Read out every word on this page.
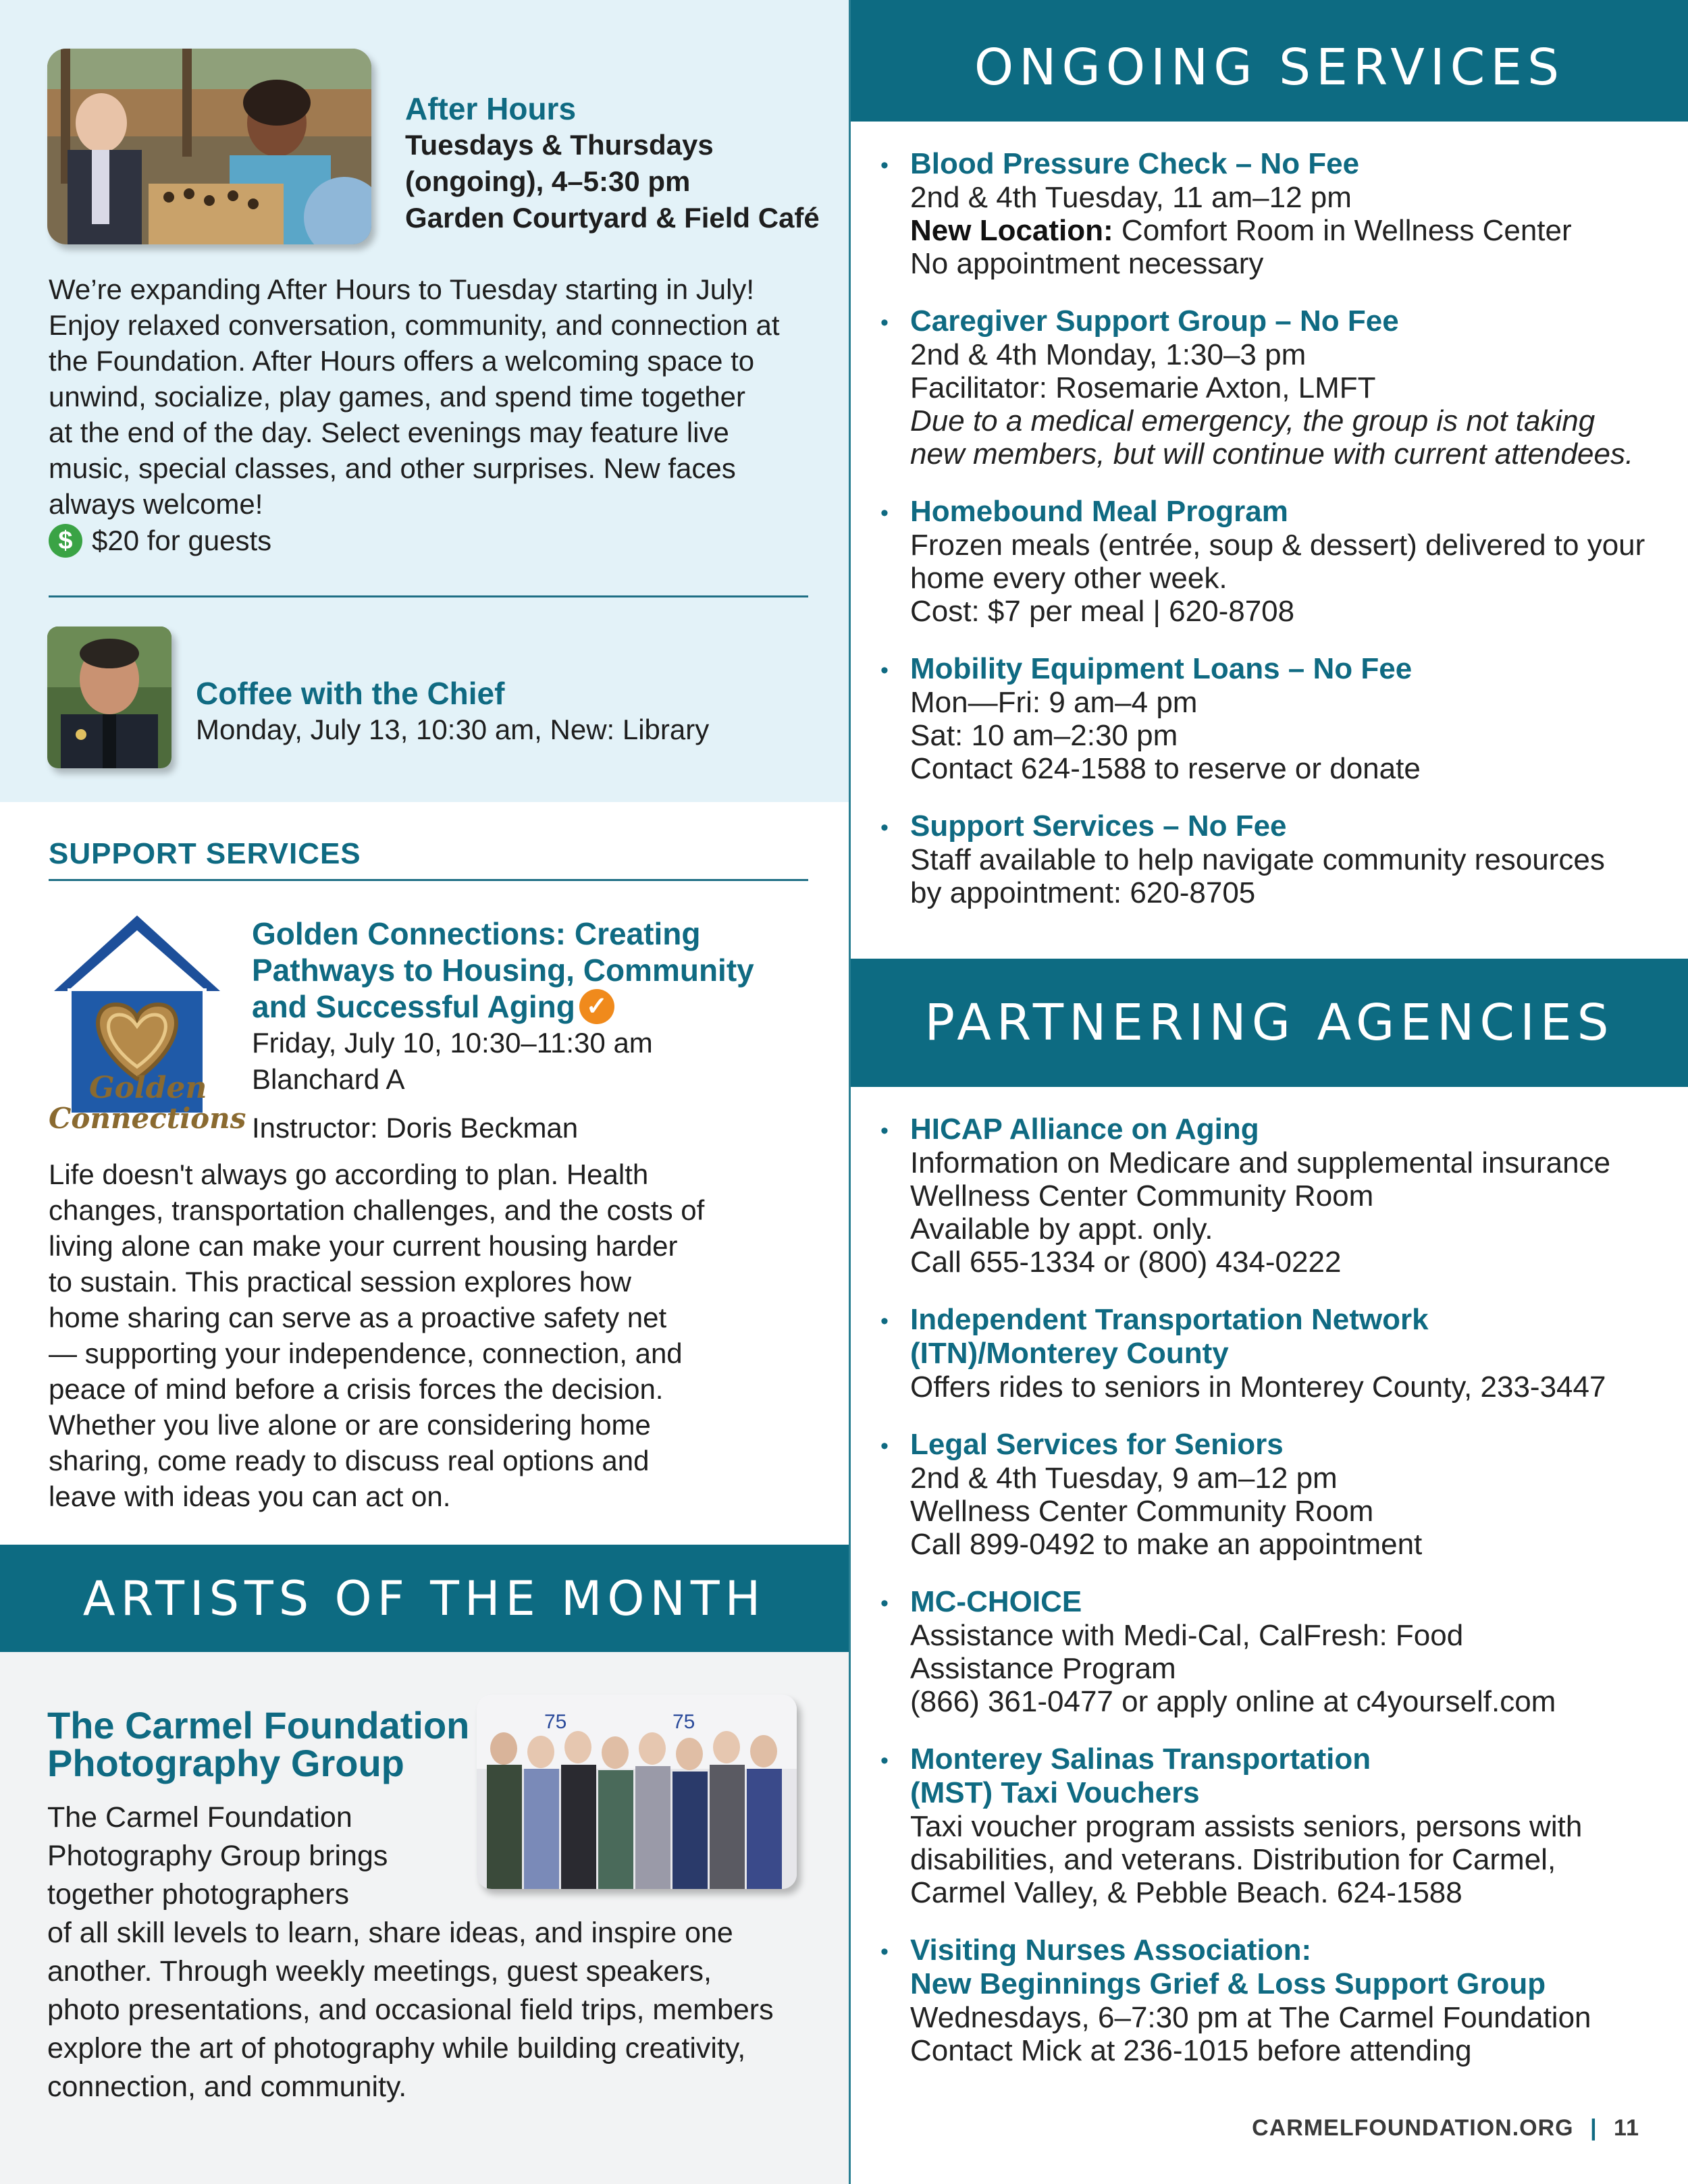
After Hours
Tuesdays & Thursdays
(ongoing), 4–5:30 pm
Garden Courtyard & Field Café
We’re expanding After Hours to Tuesday starting in July!
Enjoy relaxed conversation, community, and connection at
the Foundation. After Hours offers a welcoming space to
unwind, socialize, play games, and spend time together
at the end of the day. Select evenings may feature live
music, special classes, and other surprises. New faces
always welcome!
$ $20 for guests
Coffee with the Chief
Monday, July 13, 10:30 am, New: Library
SUPPORT SERVICES
Golden
Connections
Golden Connections: Creating
Pathways to Housing, Community
and Successful Aging ✓
Friday, July 10, 10:30–11:30 am
Blanchard A
Instructor: Doris Beckman
Life doesn't always go according to plan. Health
changes, transportation challenges, and the costs of
living alone can make your current housing harder
to sustain. This practical session explores how
home sharing can serve as a proactive safety net
— supporting your independence, connection, and
peace of mind before a crisis forces the decision.
Whether you live alone or are considering home
sharing, come ready to discuss real options and
leave with ideas you can act on.
ARTISTS OF THE MONTH
The Carmel Foundation
Photography Group
75	75
The Carmel Foundation
Photography Group brings
together photographers
of all skill levels to learn, share ideas, and inspire one
another. Through weekly meetings, guest speakers,
photo presentations, and occasional field trips, members
explore the art of photography while building creativity,
connection, and community.
ONGOING SERVICES
• Blood Pressure Check – No Fee
2nd & 4th Tuesday, 11 am–12 pm
New Location: Comfort Room in Wellness Center
No appointment necessary
• Caregiver Support Group – No Fee
2nd & 4th Monday, 1:30–3 pm
Facilitator: Rosemarie Axton, LMFT
Due to a medical emergency, the group is not taking
new members, but will continue with current attendees.
• Homebound Meal Program
Frozen meals (entrée, soup & dessert) delivered to your
home every other week.
Cost: $7 per meal | 620-8708
• Mobility Equipment Loans – No Fee
Mon—Fri: 9 am–4 pm
Sat: 10 am–2:30 pm
Contact 624-1588 to reserve or donate
• Support Services – No Fee
Staff available to help navigate community resources
by appointment: 620-8705
PARTNERING AGENCIES
• HICAP Alliance on Aging
Information on Medicare and supplemental insurance
Wellness Center Community Room
Available by appt. only.
Call 655-1334 or (800) 434-0222
• Independent Transportation Network
(ITN)/Monterey County
Offers rides to seniors in Monterey County, 233-3447
• Legal Services for Seniors
2nd & 4th Tuesday, 9 am–12 pm
Wellness Center Community Room
Call 899-0492 to make an appointment
• MC-CHOICE
Assistance with Medi-Cal, CalFresh: Food
Assistance Program
(866) 361-0477 or apply online at c4yourself.com
• Monterey Salinas Transportation
(MST) Taxi Vouchers
Taxi voucher program assists seniors, persons with
disabilities, and veterans. Distribution for Carmel,
Carmel Valley, & Pebble Beach. 624-1588
• Visiting Nurses Association:
New Beginnings Grief & Loss Support Group
Wednesdays, 6–7:30 pm at The Carmel Foundation
Contact Mick at 236-1015 before attending
CARMELFOUNDATION.ORG | 11
